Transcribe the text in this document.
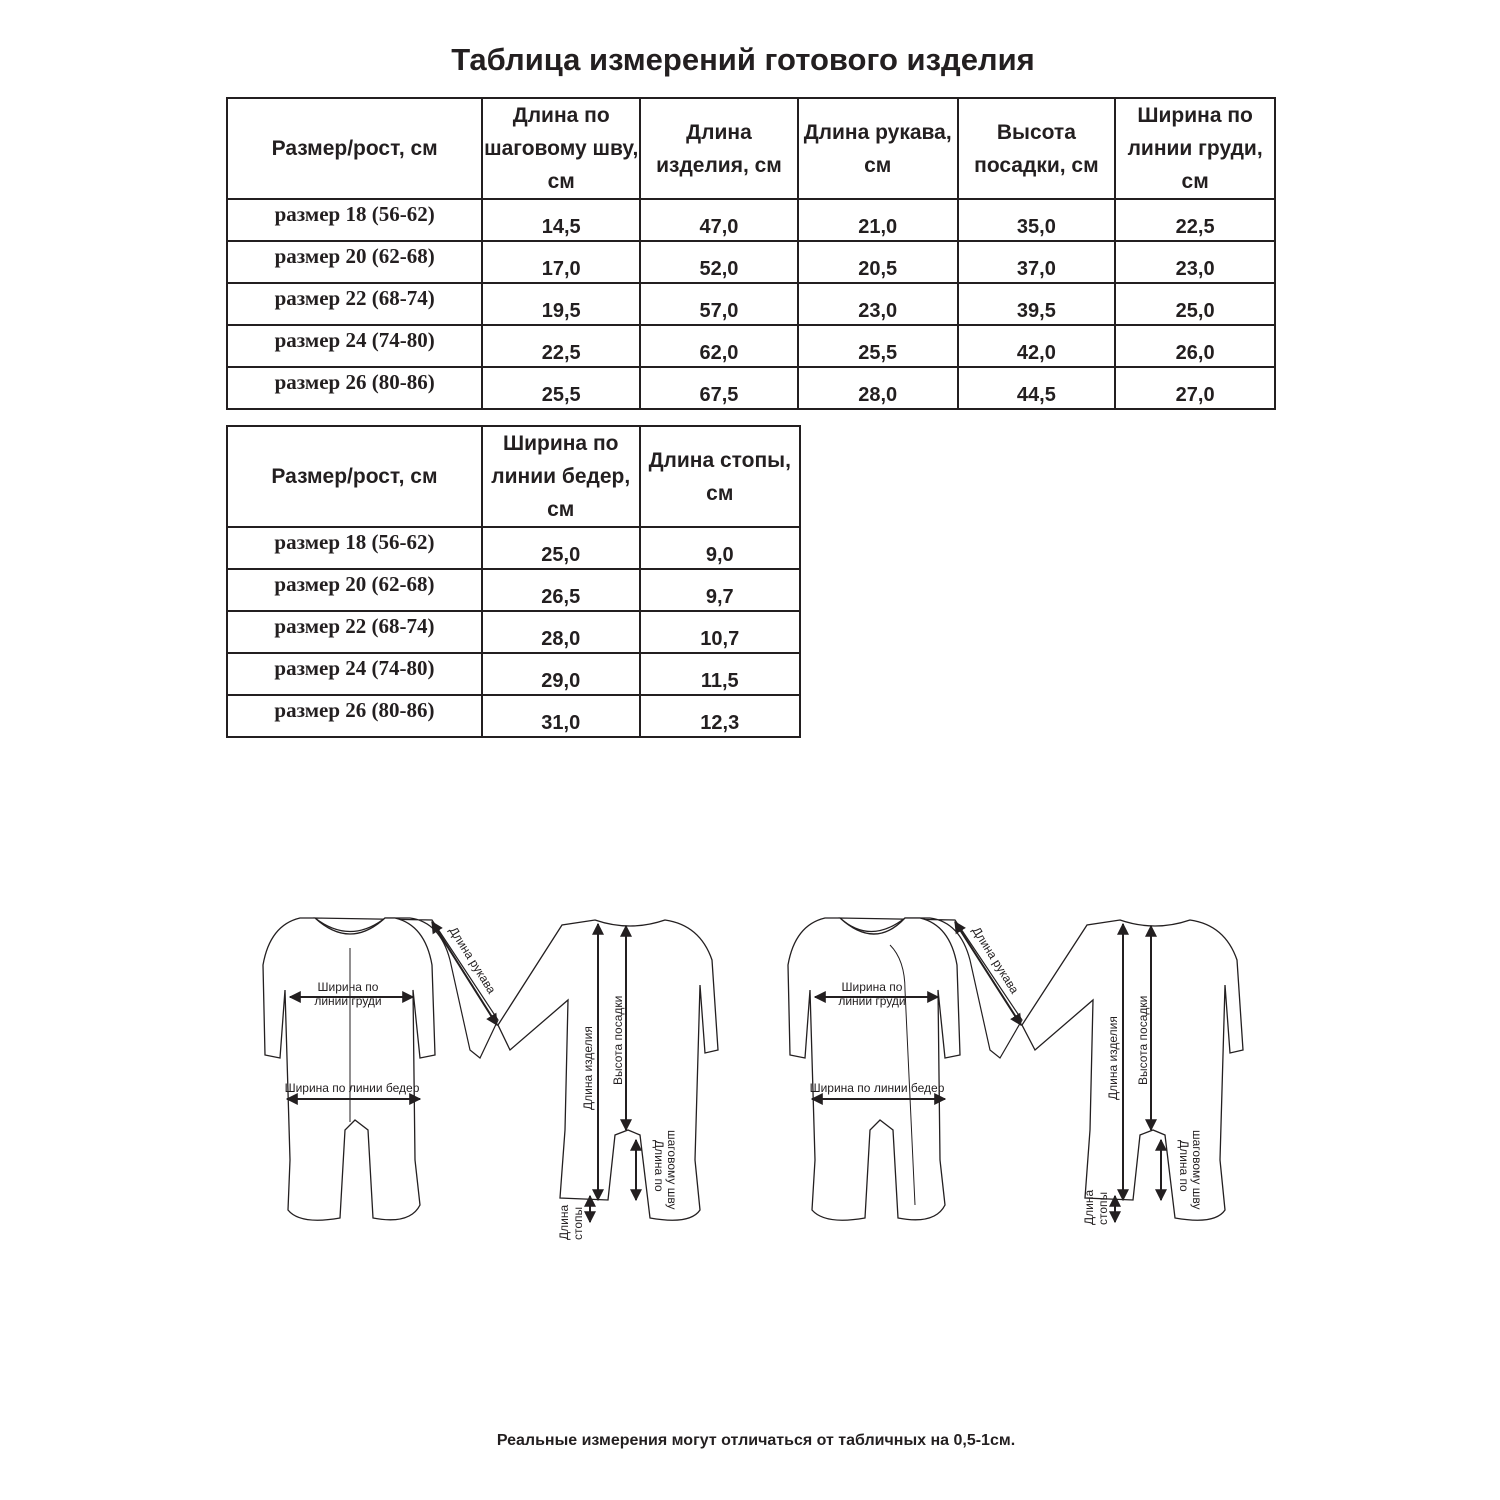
Таблица измерений готового изделия
Размер/рост, см	Длина по шаговому шву, см	Длина изделия, см	Длина рукава, см	Высота посадки, см	Ширина по линии груди, см
размер 18 (56-62)	14,5	47,0	21,0	35,0	22,5
размер 20 (62-68)	17,0	52,0	20,5	37,0	23,0
размер 22 (68-74)	19,5	57,0	23,0	39,5	25,0
размер 24 (74-80)	22,5	62,0	25,5	42,0	26,0
размер 26 (80-86)	25,5	67,5	28,0	44,5	27,0
Размер/рост, см	Ширина по линии бедер, см	Длина стопы, см
размер 18 (56-62)	25,0	9,0
размер 20 (62-68)	26,5	9,7
размер 22 (68-74)	28,0	10,7
размер 24 (74-80)	29,0	11,5
размер 26 (80-86)	31,0	12,3
Ширина по
линии груди
Ширина по линии бедер
Длина рукава
Длина изделия Высота посадки
Длина по шаговому шву
Длина стопы
Ширина по
линии груди
Ширина по линии бедер
Длина рукава
Длина изделия Высота посадки
Длина по шаговому шву
Длина стопы
Реальные измерения могут отличаться от табличных на 0,5-1см.
